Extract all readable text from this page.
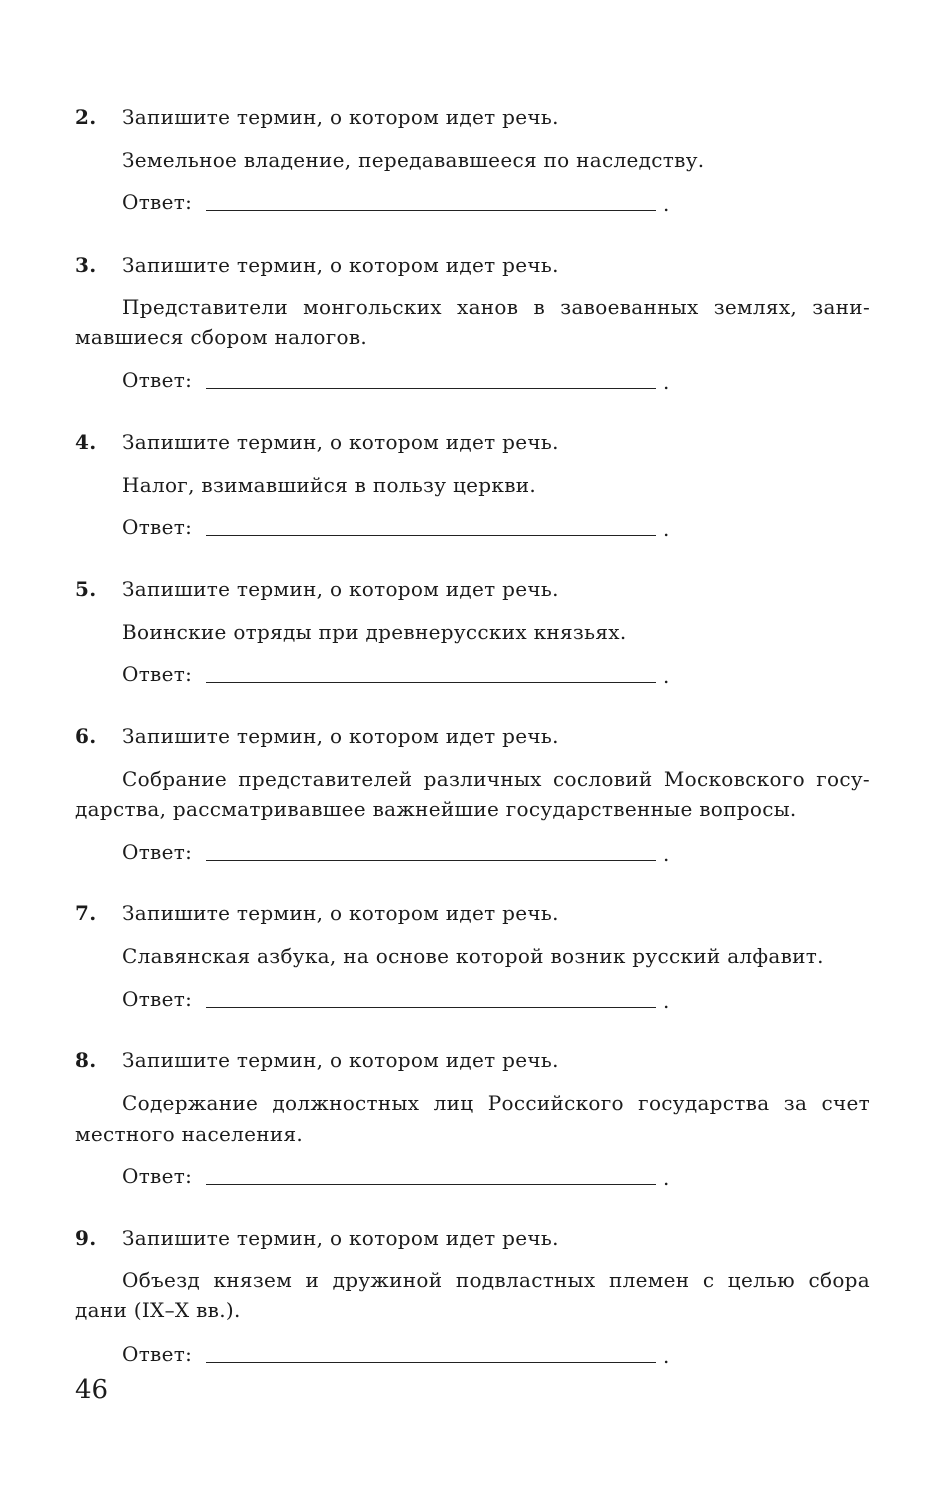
2. Запишите термин, о котором идет речь.
Земельное владение, передававшееся по наследству.
Ответ:	.
3. Запишите термин, о котором идет речь.
Представители монгольских ханов в завоеванных землях, зани-
мавшиеся сбором налогов.
Ответ:	.
4. Запишите термин, о котором идет речь.
Налог, взимавшийся в пользу церкви.
Ответ:	.
5. Запишите термин, о котором идет речь.
Воинские отряды при древнерусских князьях.
Ответ:	.
6. Запишите термин, о котором идет речь.
Собрание представителей различных сословий Московского госу-
дарства, рассматривавшее важнейшие государственные вопросы.
Ответ:	.
7. Запишите термин, о котором идет речь.
Славянская азбука, на основе которой возник русский алфавит.
Ответ:	.
8. Запишите термин, о котором идет речь.
Содержание должностных лиц Российского государства за счет
местного населения.
Ответ:	.
9. Запишите термин, о котором идет речь.
Объезд князем и дружиной подвластных племен с целью сбора
дани (IX–X вв.).
Ответ:	.
46
